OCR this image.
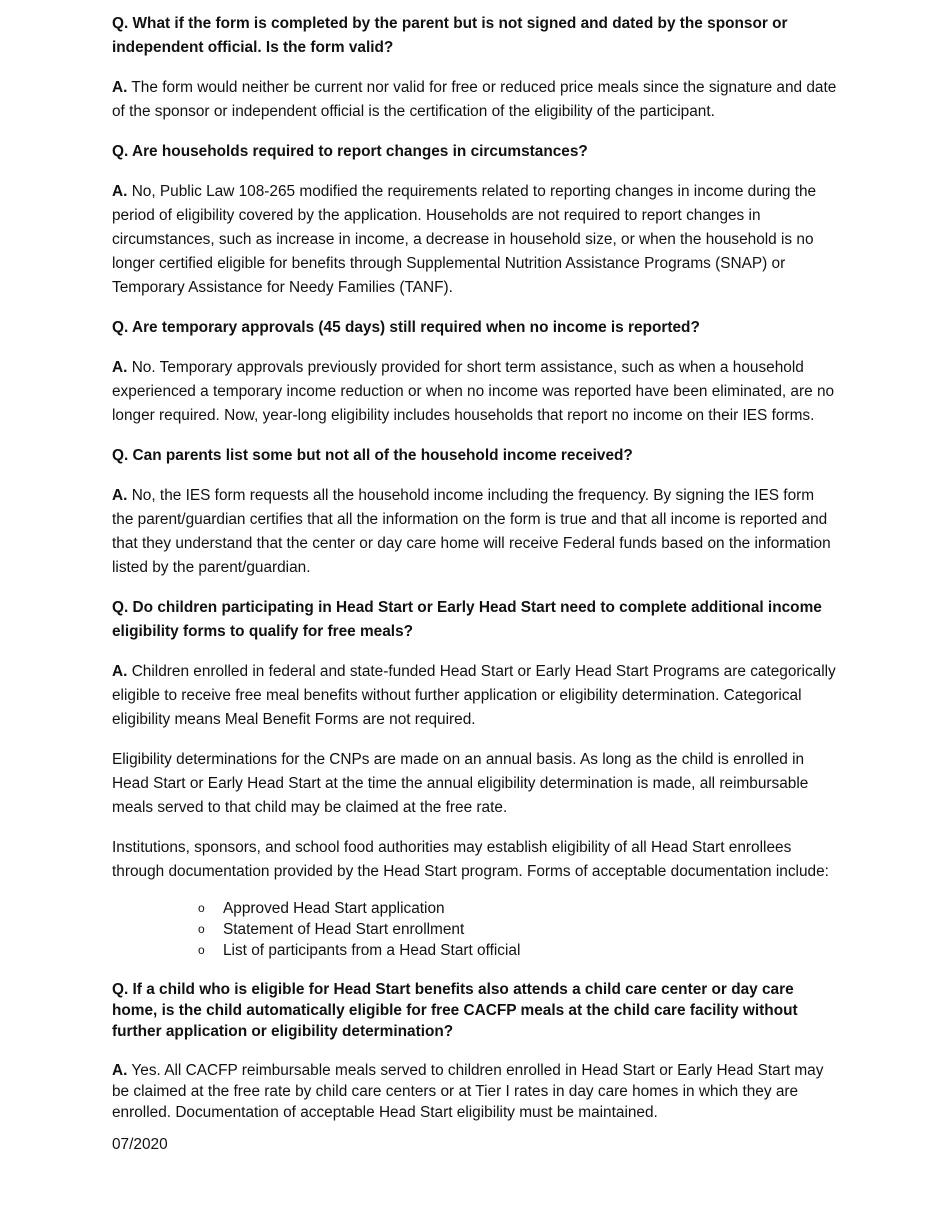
Q. What if the form is completed by the parent but is not signed and dated by the sponsor or independent official. Is the form valid?

A. The form would neither be current nor valid for free or reduced price meals since the signature and date of the sponsor or independent official is the certification of the eligibility of the participant.

Q. Are households required to report changes in circumstances?

A. No, Public Law 108-265 modified the requirements related to reporting changes in income during the period of eligibility covered by the application. Households are not required to report changes in circumstances, such as increase in income, a decrease in household size, or when the household is no longer certified eligible for benefits through Supplemental Nutrition Assistance Programs (SNAP) or Temporary Assistance for Needy Families (TANF).

Q. Are temporary approvals (45 days) still required when no income is reported?

A. No. Temporary approvals previously provided for short term assistance, such as when a household experienced a temporary income reduction or when no income was reported have been eliminated, are no longer required. Now, year-long eligibility includes households that report no income on their IES forms.

Q. Can parents list some but not all of the household income received?

A. No, the IES form requests all the household income including the frequency. By signing the IES form the parent/guardian certifies that all the information on the form is true and that all income is reported and that they understand that the center or day care home will receive Federal funds based on the information listed by the parent/guardian.

Q. Do children participating in Head Start or Early Head Start need to complete additional income eligibility forms to qualify for free meals?

A. Children enrolled in federal and state-funded Head Start or Early Head Start Programs are categorically eligible to receive free meal benefits without further application or eligibility determination. Categorical eligibility means Meal Benefit Forms are not required.

Eligibility determinations for the CNPs are made on an annual basis. As long as the child is enrolled in Head Start or Early Head Start at the time the annual eligibility determination is made, all reimbursable meals served to that child may be claimed at the free rate.

Institutions, sponsors, and school food authorities may establish eligibility of all Head Start enrollees through documentation provided by the Head Start program. Forms of acceptable documentation include:

o Approved Head Start application
o Statement of Head Start enrollment
o List of participants from a Head Start official

Q. If a child who is eligible for Head Start benefits also attends a child care center or day care home, is the child automatically eligible for free CACFP meals at the child care facility without further application or eligibility determination?

A. Yes. All CACFP reimbursable meals served to children enrolled in Head Start or Early Head Start may be claimed at the free rate by child care centers or at Tier I rates in day care homes in which they are enrolled. Documentation of acceptable Head Start eligibility must be maintained.

07/2020
